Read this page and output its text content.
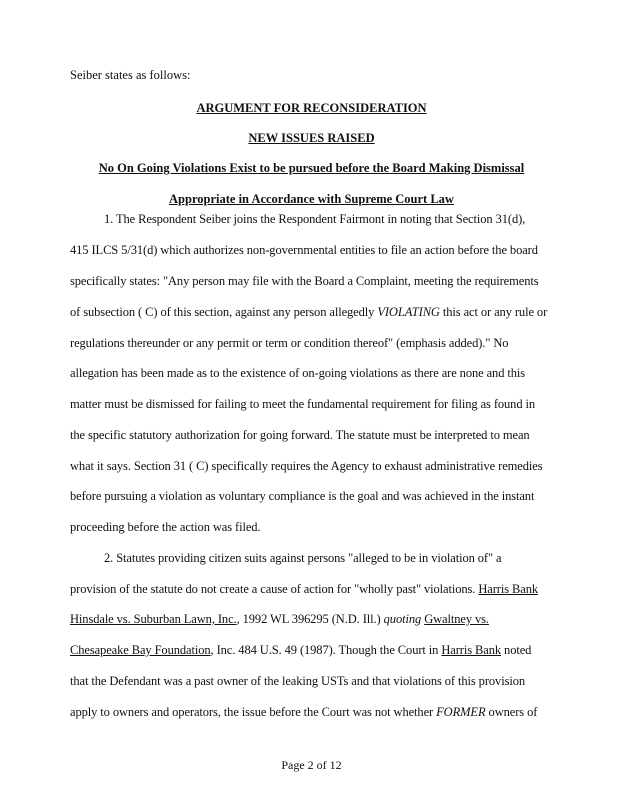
Seiber states as follows:
ARGUMENT FOR RECONSIDERATION
NEW ISSUES RAISED
No On Going Violations Exist to be pursued before the Board Making Dismissal
Appropriate in Accordance with Supreme Court Law
1. The Respondent Seiber joins the Respondent Fairmont in noting that Section 31(d),
415 ILCS 5/31(d) which authorizes non-governmental entities to file an action before the board
specifically states: "Any person may file with the Board a Complaint, meeting the requirements
of subsection ( C) of this section, against any person allegedly VIOLATING this act or any rule or
regulations thereunder or any permit or term or condition thereof" (emphasis added)." No
allegation has been made as to the existence of on-going violations as there are none and this
matter must be dismissed for failing to meet the fundamental requirement for filing as found in
the specific statutory authorization for going forward. The statute must be interpreted to mean
what it says. Section 31 ( C) specifically requires the Agency to exhaust administrative remedies
before pursuing a violation as voluntary compliance is the goal and was achieved in the instant
proceeding before the action was filed.
2. Statutes providing citizen suits against persons "alleged to be in violation of" a
provision of the statute do not create a cause of action for "wholly past" violations. Harris Bank
Hinsdale vs. Suburban Lawn, Inc., 1992 WL 396295 (N.D. Ill.) quoting Gwaltney vs.
Chesapeake Bay Foundation, Inc. 484 U.S. 49 (1987). Though the Court in Harris Bank noted
that the Defendant was a past owner of the leaking USTs and that violations of this provision
apply to owners and operators, the issue before the Court was not whether FORMER owners of
Page 2 of 12
